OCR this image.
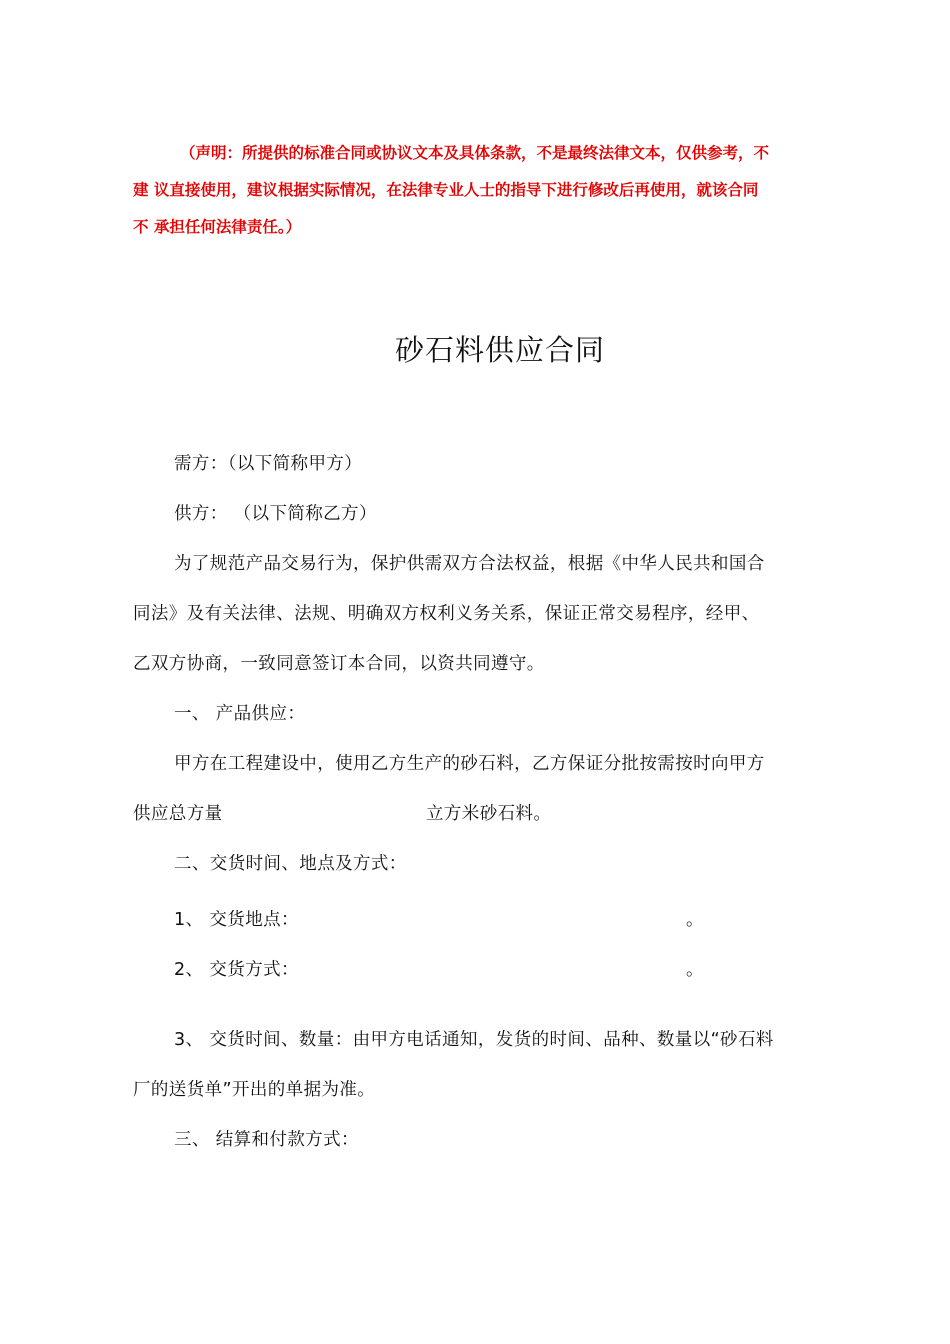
（声明：所提供的标准合同或协议文本及具体条款，不是最终法律文本，仅供参考，不
建 议直接使用，建议根据实际情况，在法律专业人士的指导下进行修改后再使用，就该合同
不 承担任何法律责任。）
砂石料供应合同
需方：（以下简称甲方）
供方： （以下简称乙方）
为了规范产品交易行为，保护供需双方合法权益，根据《中华人民共和国合
同法》及有关法律、法规、明确双方权利义务关系，保证正常交易程序，经甲、
乙双方协商，一致同意签订本合同，以资共同遵守。
一、 产品供应：
甲方在工程建设中，使用乙方生产的砂石料，乙方保证分批按需按时向甲方
供应总方量	立方米砂石料。
二、交货时间、地点及方式：
1、 交货地点：	。
2、 交货方式：	。
3、 交货时间、数量：由甲方电话通知，发货的时间、品种、数量以“砂石料
厂的送货单”开出的单据为准。
三、 结算和付款方式：
